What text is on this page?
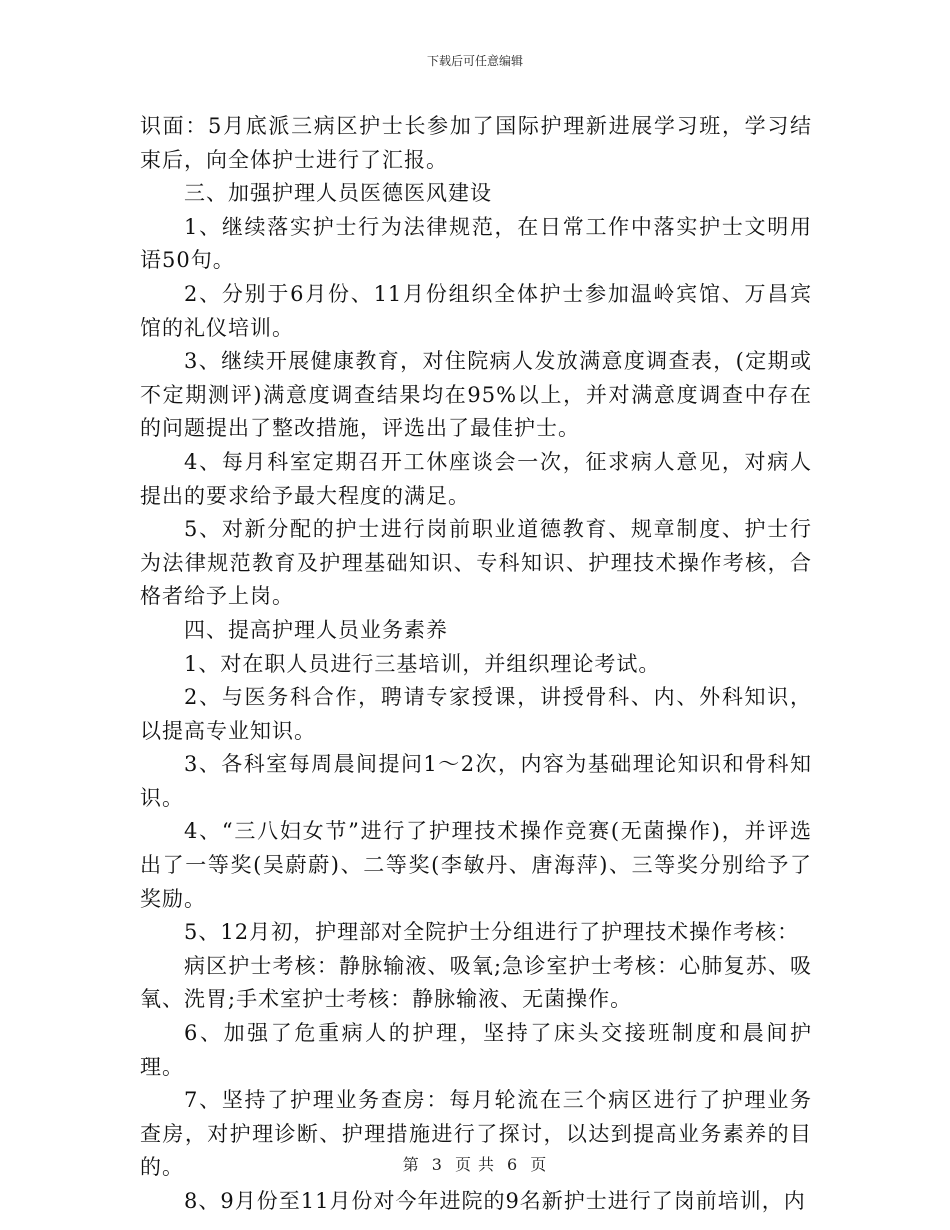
下载后可任意编辑

识面：5月底派三病区护士长参加了国际护理新进展学习班，学习结束后，向全体护士进行了汇报。

三、加强护理人员医德医风建设

1、继续落实护士行为法律规范，在日常工作中落实护士文明用语50句。

2、分别于6月份、11月份组织全体护士参加温岭宾馆、万昌宾馆的礼仪培训。

3、继续开展健康教育，对住院病人发放满意度调查表，(定期或不定期测评)满意度调查结果均在95%以上，并对满意度调查中存在的问题提出了整改措施，评选出了最佳护士。

4、每月科室定期召开工休座谈会一次，征求病人意见，对病人提出的要求给予最大程度的满足。

5、对新分配的护士进行岗前职业道德教育、规章制度、护士行为法律规范教育及护理基础知识、专科知识、护理技术操作考核，合格者给予上岗。

四、提高护理人员业务素养

1、对在职人员进行三基培训，并组织理论考试。

2、与医务科合作，聘请专家授课，讲授骨科、内、外科知识，以提高专业知识。

3、各科室每周晨间提问1～2次，内容为基础理论知识和骨科知识。

4、“三八妇女节”进行了护理技术操作竞赛(无菌操作)，并评选出了一等奖(吴蔚蔚)、二等奖(李敏丹、唐海萍)、三等奖分别给予了奖励。

5、12月初，护理部对全院护士分组进行了护理技术操作考核：

病区护士考核：静脉输液、吸氧;急诊室护士考核：心肺复苏、吸氧、洗胃;手术室护士考核：静脉输液、无菌操作。

6、加强了危重病人的护理，坚持了床头交接班制度和晨间护理。

7、坚持了护理业务查房：每月轮流在三个病区进行了护理业务查房，对护理诊断、护理措施进行了探讨，以达到提高业务素养的目的。

8、9月份至11月份对今年进院的9名新护士进行了岗前培训，内

第 3 页 共 6 页
